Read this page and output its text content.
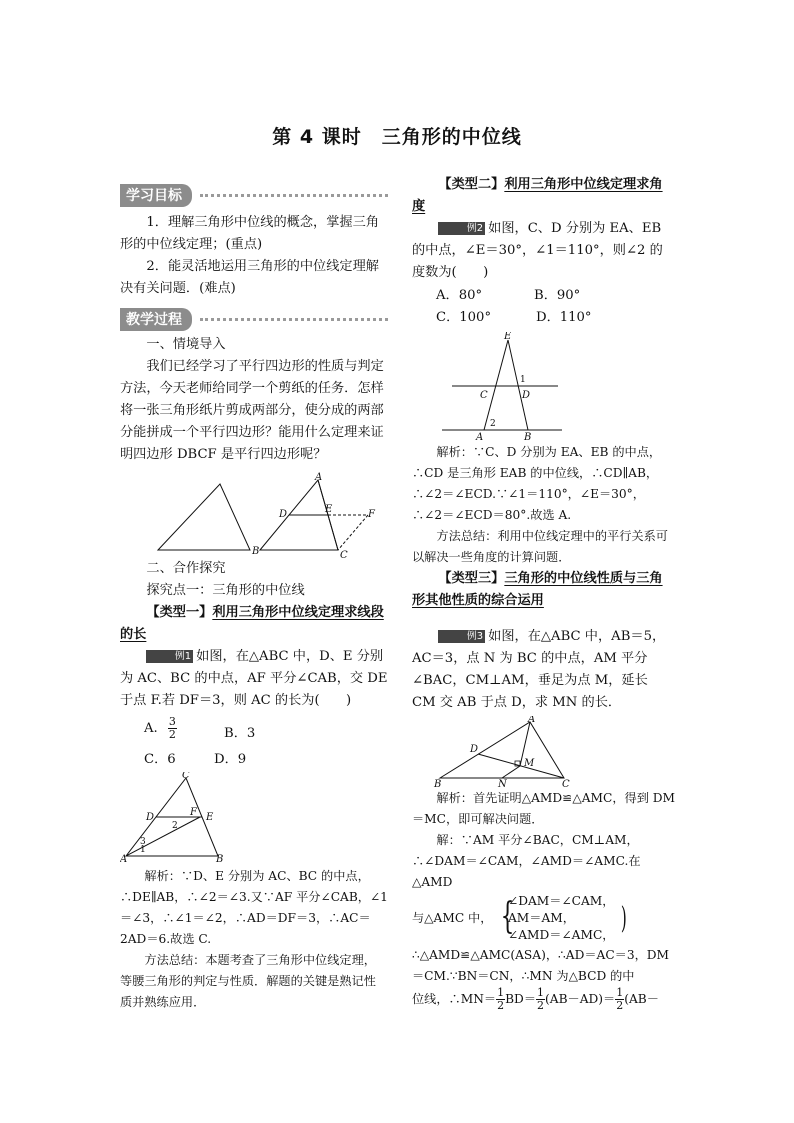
第 4 课时　三角形的中位线
学习目标

1．理解三角形中位线的概念，掌握三角形的中位线定理；(重点)

2．能灵活地运用三角形的中位线定理解决有关问题．(难点)

教学过程

一、情境导入

我们已经学习了平行四边形的性质与判定方法，今天老师给同学一个剪纸的任务．怎样将一张三角形纸片剪成两部分，使分成的两部分能拼成一个平行四边形？能用什么定理来证明四边形 DBCF 是平行四边形呢？

A
B	C
D	E	F

二、合作探究

探究点一：三角形的中位线

【类型一】利用三角形中位线定理求线段的长

例1 如图，在△ABC 中，D、E 分别为 AC、BC 的中点，AF 平分∠CAB，交 DE 于点 F.若 DF＝3，则 AC 的长为(　　)

A. $\frac{3}{2}$	B．3
C．6	D．9
C
D	F E
A	B
1
2
3

解析：∵D、E 分别为 AC、BC 的中点，∴DE∥AB，∴∠2＝∠3.又∵AF 平分∠CAB，∠1＝∠3，∴∠1＝∠2，∴AD＝DF＝3，∴AC＝2AD＝6.故选 C.

方法总结：本题考查了三角形中位线定理，等腰三角形的判定与性质．解题的关键是熟记性质并熟练应用．

【类型二】利用三角形中位线定理求角度

例2 如图，C、D 分别为 EA、EB 的中点，∠E＝30°，∠1＝110°，则∠2 的度数为(　　)

A．80°	B．90°
C．100°	D．110°
E
C	D
A	B
1
2

解析：∵C、D 分别为 EA、EB 的中点，∴CD 是三角形 EAB 的中位线，∴CD∥AB，∴∠2＝∠ECD.∵∠1＝110°，∠E＝30°，∴∠2＝∠ECD＝80°.故选 A.

方法总结：利用中位线定理中的平行关系可以解决一些角度的计算问题．

【类型三】三角形的中位线性质与三角形其他性质的综合运用

例3 如图，在△ABC 中，AB＝5，AC＝3，点 N 为 BC 的中点，AM 平分∠BAC，CM⊥AM，垂足为点 M，延长 CM 交 AB 于点 D，求 MN 的长．

A
D
M
B	N	C

解析：首先证明△AMD≌△AMC，得到 DM＝MC，即可解决问题．

解：∵AM 平分∠BAC，CM⊥AM，∴∠DAM＝∠CAM，∠AMD＝∠AMC.在△AMD

与△AMC 中， {
∠DAM＝∠CAM，
AM＝AM，
∠AMD＝∠AMC， )

∴△AMD≌△AMC(ASA)，∴AD＝AC＝3，DM＝CM.∵BN＝CN，∴MN 为△BCD 的中

位线，∴MN＝ $\frac{1}{2} BD= \frac{1}{2} (AB-AD)= \frac{1}{2} (AB-$
